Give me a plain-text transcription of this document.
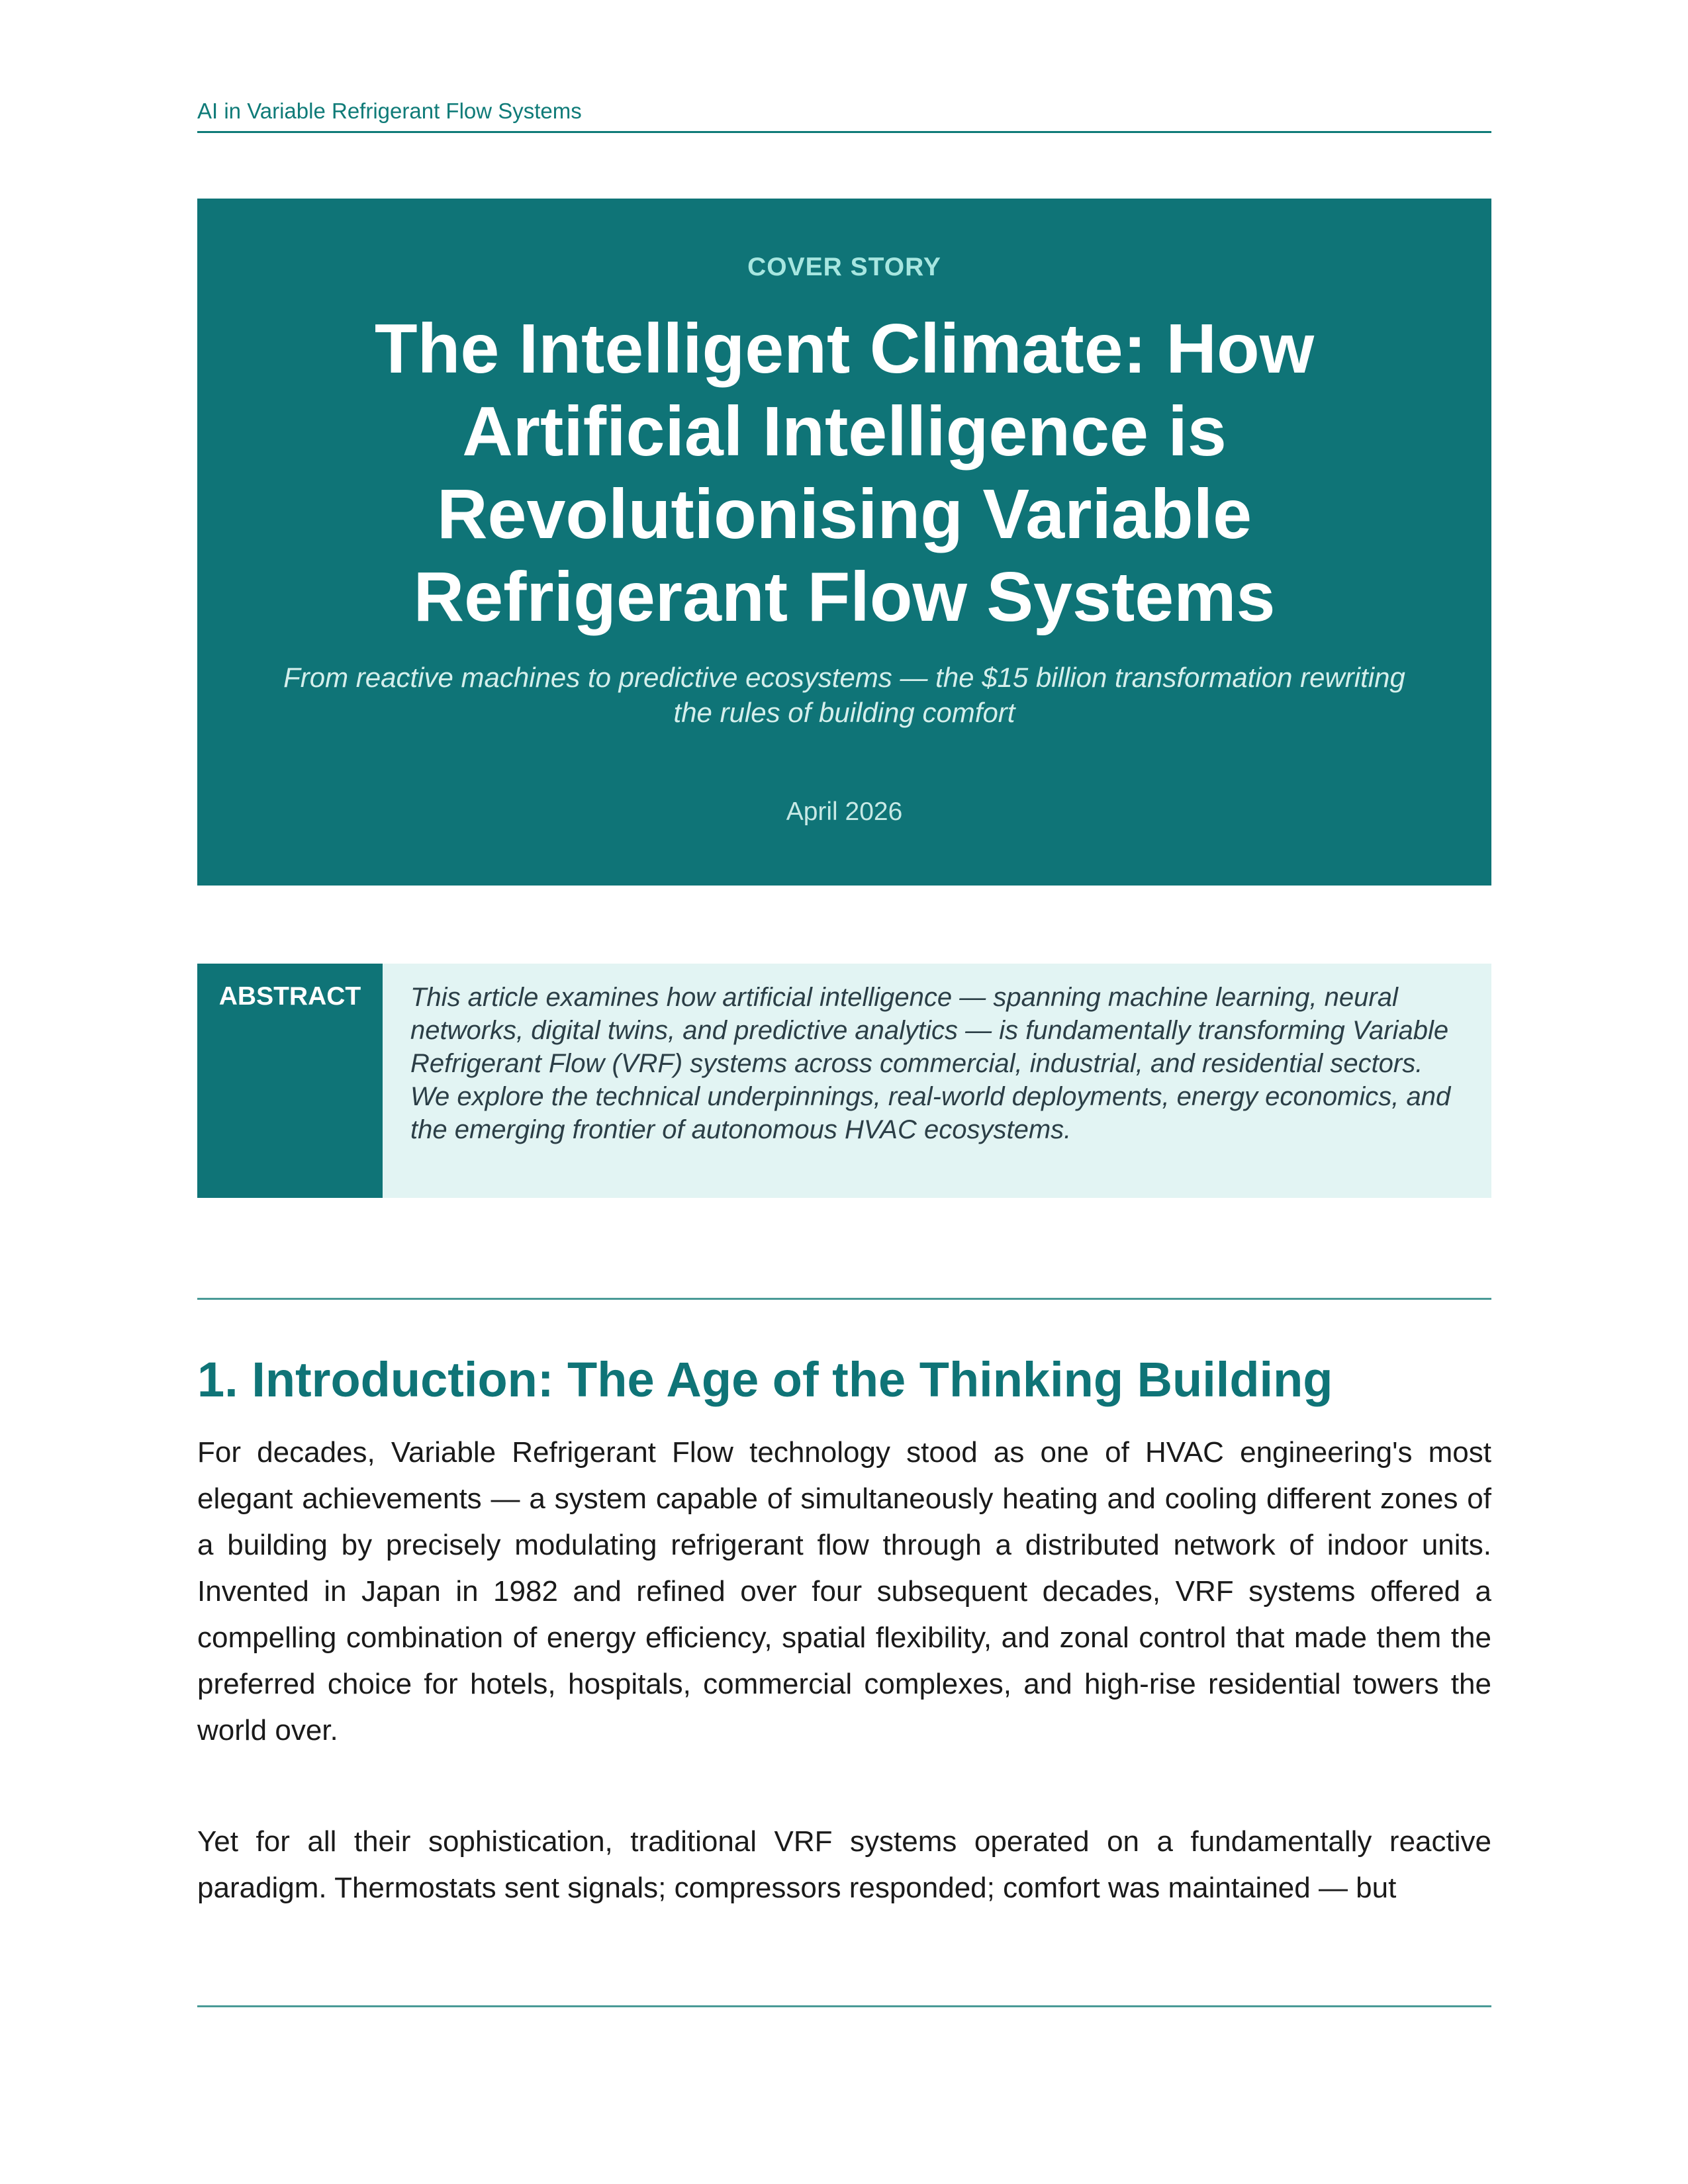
AI in Variable Refrigerant Flow Systems
COVER STORY
The Intelligent Climate: How Artificial Intelligence is Revolutionising Variable Refrigerant Flow Systems

From reactive machines to predictive ecosystems — the $15 billion transformation rewriting the rules of building comfort

April 2026
ABSTRACT	This article examines how artificial intelligence — spanning machine learning, neural networks, digital twins, and predictive analytics — is fundamentally transforming Variable Refrigerant Flow (VRF) systems across commercial, industrial, and residential sectors. We explore the technical underpinnings, real-world deployments, energy economics, and the emerging frontier of autonomous HVAC ecosystems.

1. Introduction: The Age of the Thinking Building

For decades, Variable Refrigerant Flow technology stood as one of HVAC engineering's most elegant achievements — a system capable of simultaneously heating and cooling different zones of a building by precisely modulating refrigerant flow through a distributed network of indoor units. Invented in Japan in 1982 and refined over four subsequent decades, VRF systems offered a compelling combination of energy efficiency, spatial flexibility, and zonal control that made them the preferred choice for hotels, hospitals, commercial complexes, and high-rise residential towers the world over.

Yet for all their sophistication, traditional VRF systems operated on a fundamentally reactive paradigm. Thermostats sent signals; compressors responded; comfort was maintained — but
